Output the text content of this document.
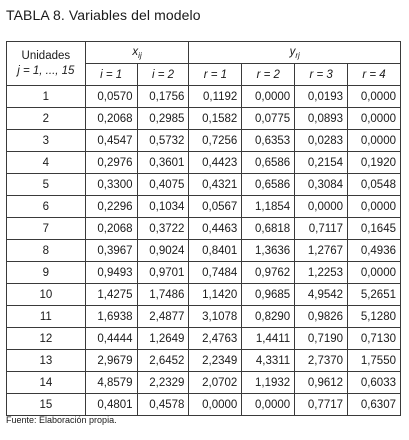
TABLA 8. Variables del modelo
Unidades
j = 1, ..., 15	$x_{ij}$		$y_{rj}$
	i = 1	i = 2	r = 1	r = 2	r = 3	r = 4
1	0,0570	0,1756	0,1192	0,0000	0,0193	0,0000
2	0,2068	0,2985	0,1582	0,0775	0,0893	0,0000
3	0,4547	0,5732	0,7256	0,6353	0,0283	0,0000
4	0,2976	0,3601	0,4423	0,6586	0,2154	0,1920
5	0,3300	0,4075	0,4321	0,6586	0,3084	0,0548
6	0,2296	0,1034	0,0567	1,1854	0,0000	0,0000
7	0,2068	0,3722	0,4463	0,6818	0,7117	0,1645
8	0,3967	0,9024	0,8401	1,3636	1,2767	0,4936
9	0,9493	0,9701	0,7484	0,9762	1,2253	0,0000
10	1,4275	1,7486	1,1420	0,9685	4,9542	5,2651
11	1,6938	2,4877	3,1078	0,8290	0,9826	5,1280
12	0,4444	1,2649	2,4763	1,4411	0,7190	0,7130
13	2,9679	2,6452	2,2349	4,3311	2,7370	1,7550
14	4,8579	2,2329	2,0702	1,1932	0,9612	0,6033
15	0,4801	0,4578	0,0000	0,0000	0,7717	0,6307
Fuente: Elaboración propia.
